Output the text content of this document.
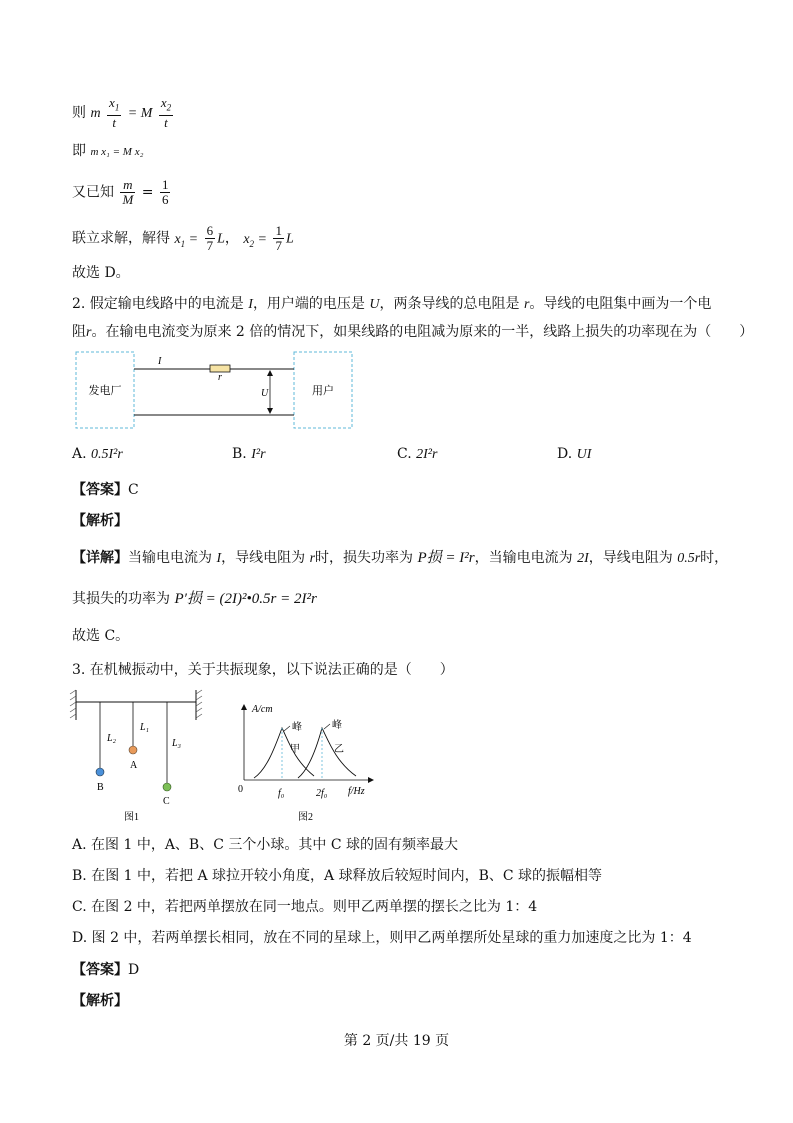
则 m $\frac{x_1}{t} = M \frac{x_2}{t}$
即 m x₁ = M x₂
又已知 $\frac{m}{M} = \frac{1}{6}$
联立求解，解得 $x_1 = \frac{6}{7}$ L， $x_2 = \frac{1}{7}$ L
故选 D。
2. 假定输电线路中的电流是 I，用户端的电压是 U，两条导线的总电阻是 r。导线的电阻集中画为一个电
阻r。在输电电流变为原来 2 倍的情况下，如果线路的电阻减为原来的一半，线路上损失的功率现在为（　　）
发电厂	用户
I
r
U
A. 0.5I²r	B. I²r	C. 2I²r	D. UI
【答案】C
【解析】
【详解】当输电电流为 I，导线电阻为 r时，损失功率为 P损 = I²r，当输电电流为 2I，导线电阻为 0.5r时，
其损失的功率为 P′损 = (2I)²•0.5r = 2I²r
故选 C。
3. 在机械振动中，关于共振现象，以下说法正确的是（　　）
L₂
L₁
L₃
A
B
C
图1
A/cm
峰	峰
甲	乙
0	f₀	2f₀ f/Hz
图2
A. 在图 1 中，A、B、C 三个小球。其中 C 球的固有频率最大
B. 在图 1 中，若把 A 球拉开较小角度，A 球释放后较短时间内，B、C 球的振幅相等
C. 在图 2 中，若把两单摆放在同一地点。则甲乙两单摆的摆长之比为 1：4
D. 图 2 中，若两单摆长相同，放在不同的星球上，则甲乙两单摆所处星球的重力加速度之比为 1：4
【答案】D
【解析】
第 2 页/共 19 页
